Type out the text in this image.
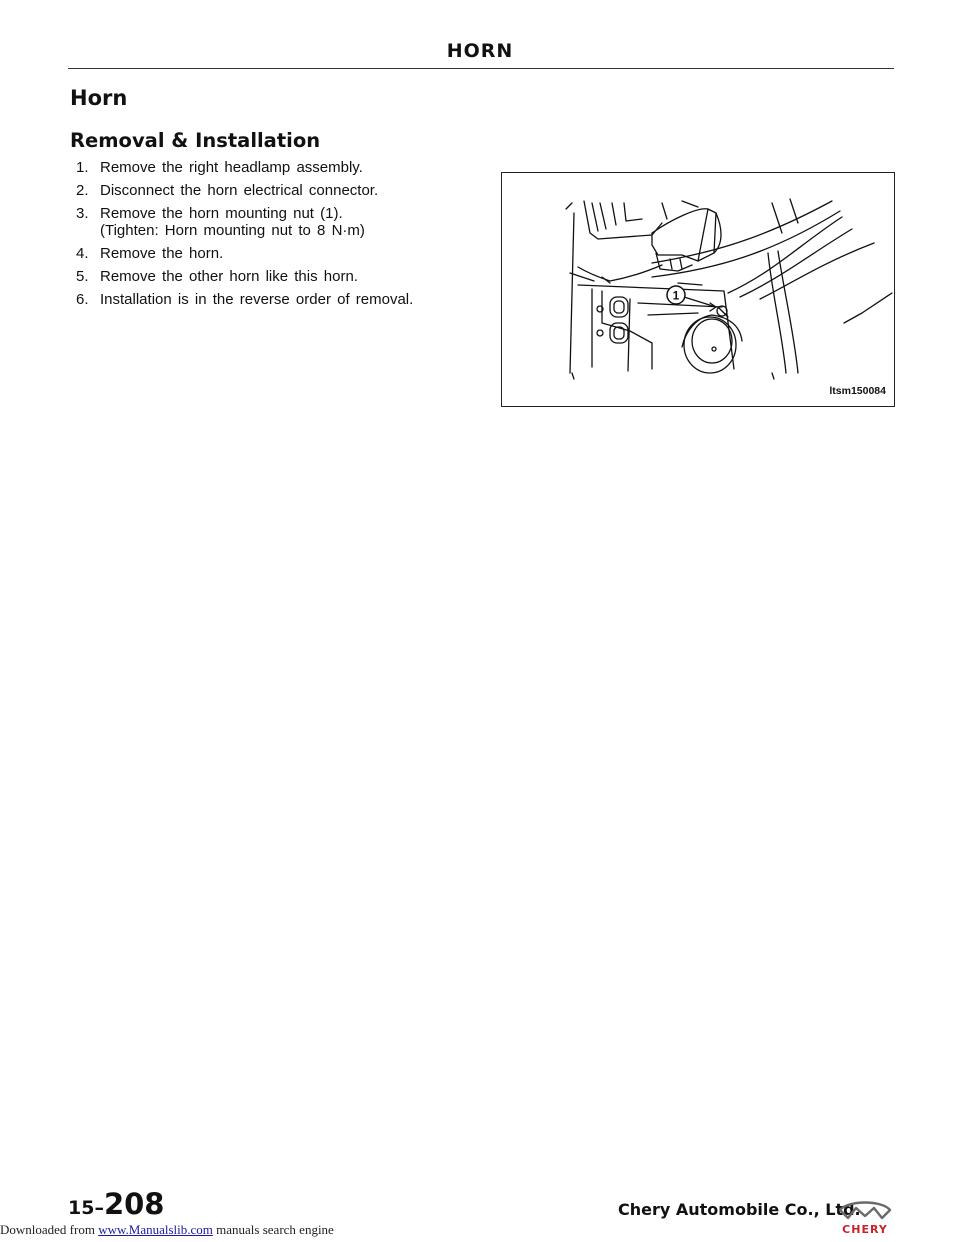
HORN
Horn
Removal & Installation
1. Remove the right headlamp assembly.
2. Disconnect the horn electrical connector.
3. Remove the horn mounting nut (1).
(Tighten: Horn mounting nut to 8 N·m)
4. Remove the horn.
5. Remove the other horn like this horn.
6. Installation is in the reverse order of removal.	1
ltsm150084
15–208	Chery Automobile Co., Ltd.
CHERY
Downloaded from www.Manualslib.com manuals search engine
